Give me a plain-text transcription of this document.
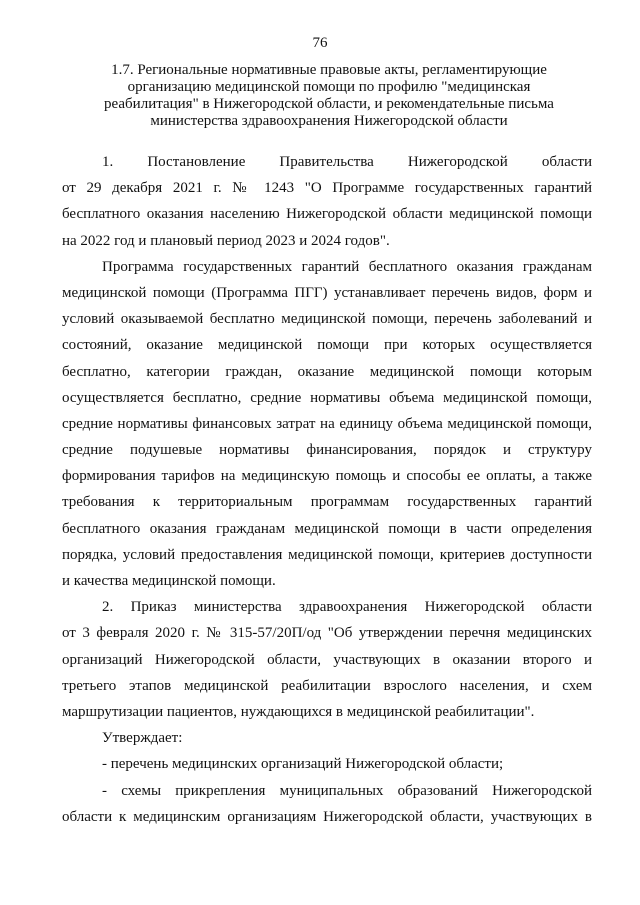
76
1.7. Региональные нормативные правовые акты, регламентирующие
организацию медицинской помощи по профилю "медицинская
реабилитация" в Нижегородской области, и рекомендательные письма
министерства здравоохранения Нижегородской области
1. Постановление Правительства Нижегородской области
от 29 декабря 2021 г. № 1243 "О Программе государственных гарантий
бесплатного оказания населению Нижегородской области медицинской помощи
на 2022 год и плановый период 2023 и 2024 годов".
Программа государственных гарантий бесплатного оказания гражданам
медицинской помощи (Программа ПГГ) устанавливает перечень видов, форм и
условий оказываемой бесплатно медицинской помощи, перечень заболеваний и
состояний, оказание медицинской помощи при которых осуществляется
бесплатно, категории граждан, оказание медицинской помощи которым
осуществляется бесплатно, средние нормативы объема медицинской помощи,
средние нормативы финансовых затрат на единицу объема медицинской помощи,
средние подушевые нормативы финансирования, порядок и структуру
формирования тарифов на медицинскую помощь и способы ее оплаты, а также
требования к территориальным программам государственных гарантий
бесплатного оказания гражданам медицинской помощи в части определения
порядка, условий предоставления медицинской помощи, критериев доступности
и качества медицинской помощи.
2. Приказ министерства здравоохранения Нижегородской области
от 3 февраля 2020 г. № 315-57/20П/од "Об утверждении перечня медицинских
организаций Нижегородской области, участвующих в оказании второго и
третьего этапов медицинской реабилитации взрослого населения, и схем
маршрутизации пациентов, нуждающихся в медицинской реабилитации".
Утверждает:
- перечень медицинских организаций Нижегородской области;
- схемы прикрепления муниципальных образований Нижегородской
области к медицинским организациям Нижегородской области, участвующих в
